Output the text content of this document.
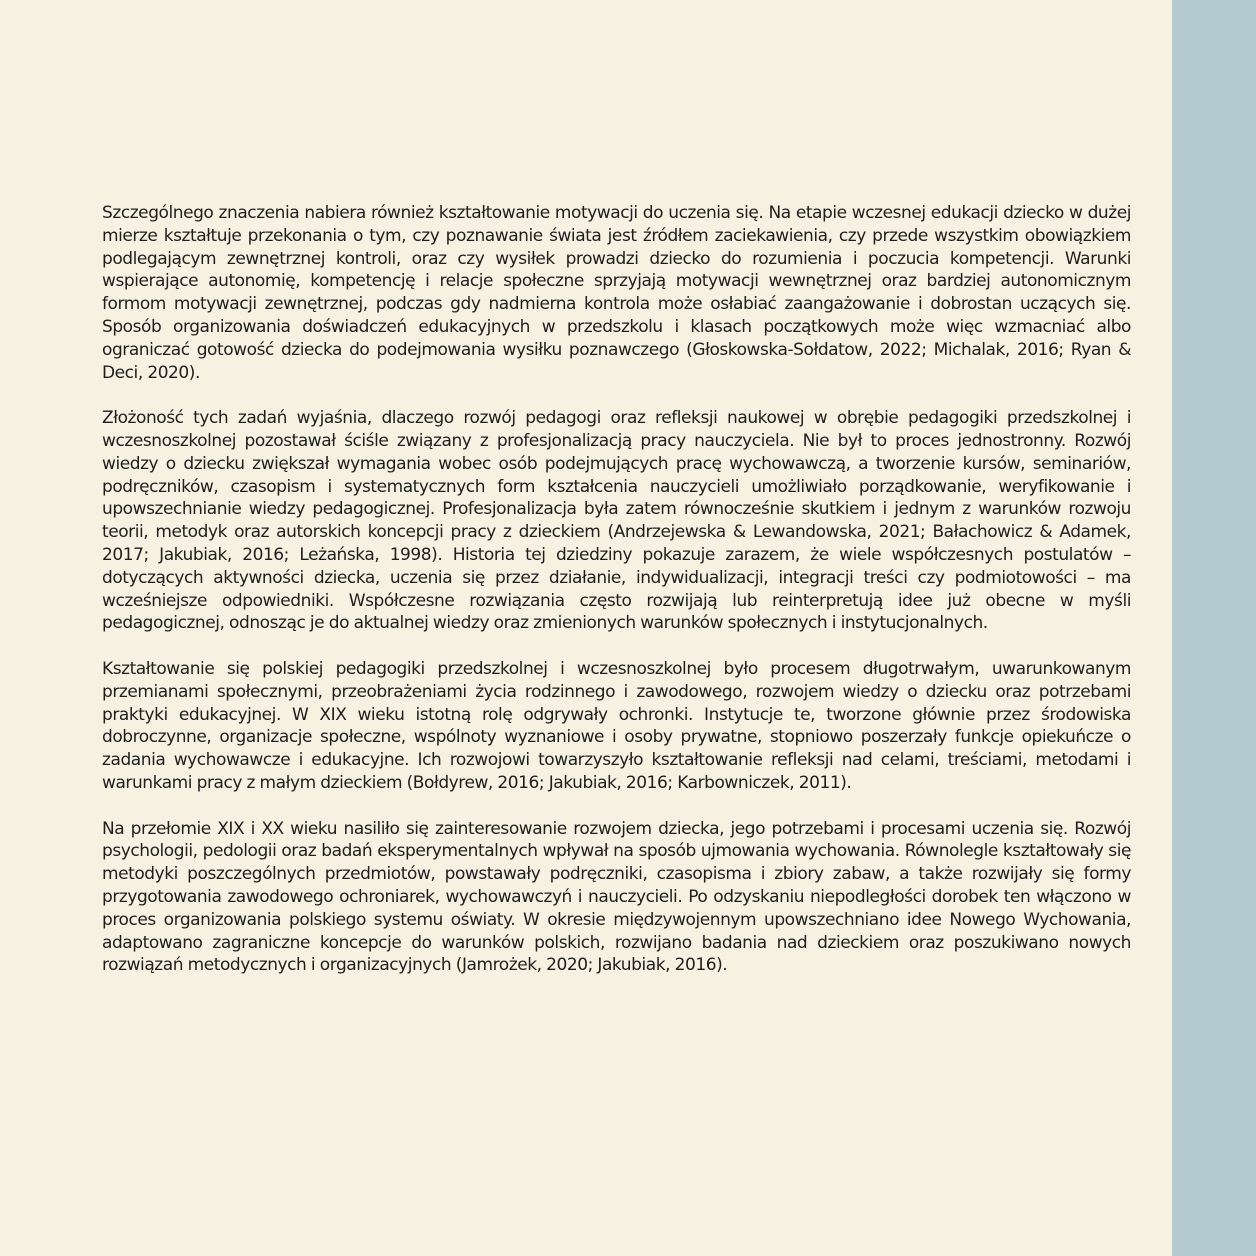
Szczególnego znaczenia nabiera również kształtowanie motywacji do uczenia się. Na etapie wczesnej edukacji dziecko w dużej mierze kształtuje przekonania o tym, czy poznawanie świata jest źródłem zaciekawienia, czy przede wszystkim obowiązkiem podlegającym zewnętrznej kontroli, oraz czy wysiłek prowadzi dziecko do rozumienia i poczucia kompetencji. Warunki wspierające autonomię, kompetencję i relacje społeczne sprzyjają motywacji wewnętrznej oraz bardziej autonomicznym formom motywacji zewnętrznej, podczas gdy nadmierna kontrola może osłabiać zaangażowanie i dobrostan uczących się. Sposób organizowania doświadczeń edukacyjnych w przedszkolu i klasach początkowych może więc wzmacniać albo ograniczać gotowość dziecka do podejmowania wysiłku poznawczego (Głoskowska-Sołdatow, 2022; Michalak, 2016; Ryan & Deci, 2020).

Złożoność tych zadań wyjaśnia, dlaczego rozwój pedagogi oraz refleksji naukowej w obrębie pedagogiki przedszkolnej i wczesnoszkolnej pozostawał ściśle związany z profesjonalizacją pracy nauczyciela. Nie był to proces jednostronny. Rozwój wiedzy o dziecku zwiększał wymagania wobec osób podejmujących pracę wychowawczą, a tworzenie kursów, seminariów, podręczników, czasopism i systematycznych form kształcenia nauczycieli umożliwiało porządkowanie, weryfikowanie i upowszechnianie wiedzy pedagogicznej. Profesjonalizacja była zatem równocześnie skutkiem i jednym z warunków rozwoju teorii, metodyk oraz autorskich koncepcji pracy z dzieckiem (Andrzejewska & Lewandowska, 2021; Bałachowicz & Adamek, 2017; Jakubiak, 2016; Leżańska, 1998). Historia tej dziedziny pokazuje zarazem, że wiele współczesnych postulatów – dotyczących aktywności dziecka, uczenia się przez działanie, indywidualizacji, integracji treści czy podmiotowości – ma wcześniejsze odpowiedniki. Współczesne rozwiązania często rozwijają lub reinterpretują idee już obecne w myśli pedagogicznej, odnosząc je do aktualnej wiedzy oraz zmienionych warunków społecznych i instytucjonalnych.

Kształtowanie się polskiej pedagogiki przedszkolnej i wczesnoszkolnej było procesem długotrwałym, uwarunkowanym przemianami społecznymi, przeobrażeniami życia rodzinnego i zawodowego, rozwojem wiedzy o dziecku oraz potrzebami praktyki edukacyjnej. W XIX wieku istotną rolę odgrywały ochronki. Instytucje te, tworzone głównie przez środowiska dobroczynne, organizacje społeczne, wspólnoty wyznaniowe i osoby prywatne, stopniowo poszerzały funkcje opiekuńcze o zadania wychowawcze i edukacyjne. Ich rozwojowi towarzyszyło kształtowanie refleksji nad celami, treściami, metodami i warunkami pracy z małym dzieckiem (Bołdyrew, 2016; Jakubiak, 2016; Karbowniczek, 2011).

Na przełomie XIX i XX wieku nasiliło się zainteresowanie rozwojem dziecka, jego potrzebami i procesami uczenia się. Rozwój psychologii, pedologii oraz badań eksperymentalnych wpływał na sposób ujmowania wychowania. Równolegle kształtowały się metodyki poszczególnych przedmiotów, powstawały podręczniki, czasopisma i zbiory zabaw, a także rozwijały się formy przygotowania zawodowego ochroniarek, wychowawczyń i nauczycieli. Po odzyskaniu niepodległości dorobek ten włączono w proces organizowania polskiego systemu oświaty. W okresie międzywojennym upowszechniano idee Nowego Wychowania, adaptowano zagraniczne koncepcje do warunków polskich, rozwijano badania nad dzieckiem oraz poszukiwano nowych rozwiązań metodycznych i organizacyjnych (Jamrożek, 2020; Jakubiak, 2016).
